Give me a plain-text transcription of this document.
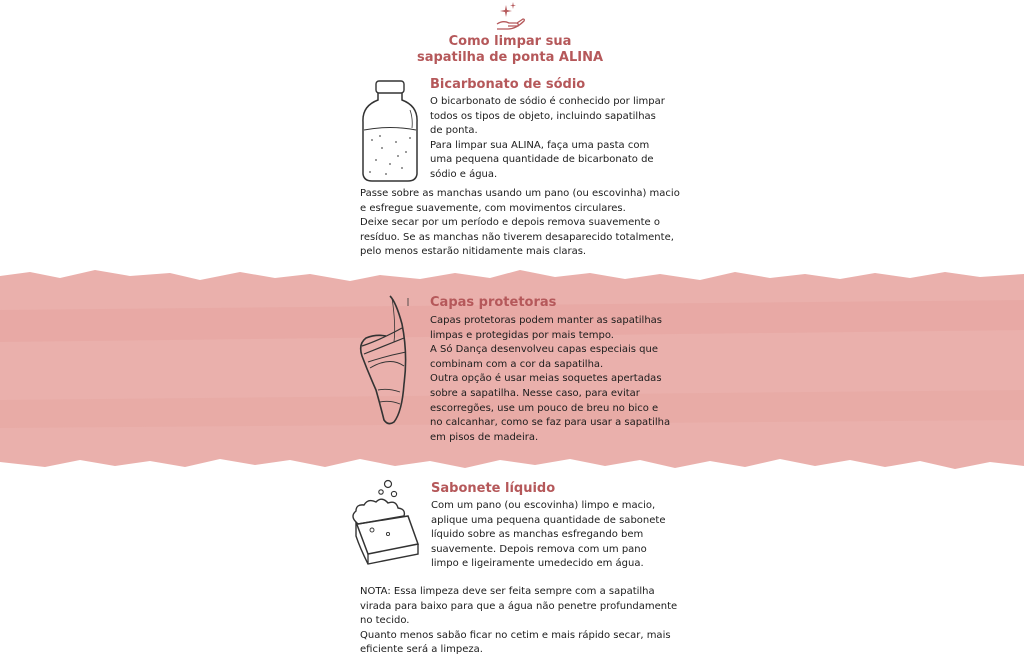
Como limpar sua
sapatilha de ponta ALINA
Bicarbonato de sódio
O bicarbonato de sódio é conhecido por limpar
todos os tipos de objeto, incluindo sapatilhas
de ponta.
Para limpar sua ALINA, faça uma pasta com
uma pequena quantidade de bicarbonato de
sódio e água.
Passe sobre as manchas usando um pano (ou escovinha) macio
e esfregue suavemente, com movimentos circulares.
Deixe secar por um período e depois remova suavemente o
resíduo. Se as manchas não tiverem desaparecido totalmente,
pelo menos estarão nitidamente mais claras.
Capas protetoras
Capas protetoras podem manter as sapatilhas
limpas e protegidas por mais tempo.
A Só Dança desenvolveu capas especiais que
combinam com a cor da sapatilha.
Outra opção é usar meias soquetes apertadas
sobre a sapatilha. Nesse caso, para evitar
escorregões, use um pouco de breu no bico e
no calcanhar, como se faz para usar a sapatilha
em pisos de madeira.
Sabonete líquido
Com um pano (ou escovinha) limpo e macio,
aplique uma pequena quantidade de sabonete
líquido sobre as manchas esfregando bem
suavemente. Depois remova com um pano
limpo e ligeiramente umedecido em água.
NOTA: Essa limpeza deve ser feita sempre com a sapatilha
virada para baixo para que a água não penetre profundamente
no tecido.
Quanto menos sabão ficar no cetim e mais rápido secar, mais
eficiente será a limpeza.
